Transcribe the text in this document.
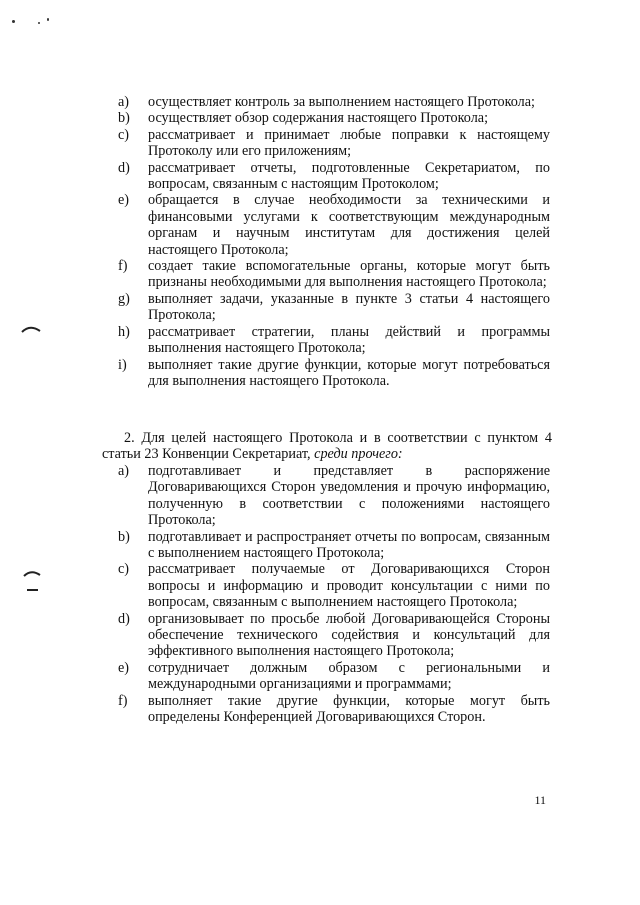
a) осуществляет контроль за выполнением настоящего Протокола;
b) осуществляет обзор содержания настоящего Протокола;
c) рассматривает и принимает любые поправки к настоящему Протоколу или его приложениям;
d) рассматривает отчеты, подготовленные Секретариатом, по вопросам, связанным с настоящим Протоколом;
e) обращается в случае необходимости за техническими и финансовыми услугами к соответствующим международным органам и научным институтам для достижения целей настоящего Протокола;
f) создает такие вспомогательные органы, которые могут быть признаны необходимыми для выполнения настоящего Протокола;
g) выполняет задачи, указанные в пункте 3 статьи 4 настоящего Протокола;
h) рассматривает стратегии, планы действий и программы выполнения настоящего Протокола;
i) выполняет такие другие функции, которые могут потребоваться для выполнения настоящего Протокола.
2. Для целей настоящего Протокола и в соответствии с пунктом 4 статьи 23 Конвенции Секретариат, среди прочего:
a) подготавливает и представляет в распоряжение Договаривающихся Сторон уведомления и прочую информацию, полученную в соответствии с положениями настоящего Протокола;
b) подготавливает и распространяет отчеты по вопросам, связанным с выполнением настоящего Протокола;
c) рассматривает получаемые от Договаривающихся Сторон вопросы и информацию и проводит консультации с ними по вопросам, связанным с выполнением настоящего Протокола;
d) организовывает по просьбе любой Договаривающейся Стороны обеспечение технического содействия и консультаций для эффективного выполнения настоящего Протокола;
e) сотрудничает должным образом с региональными и международными организациями и программами;
f) выполняет такие другие функции, которые могут быть определены Конференцией Договаривающихся Сторон.
11
